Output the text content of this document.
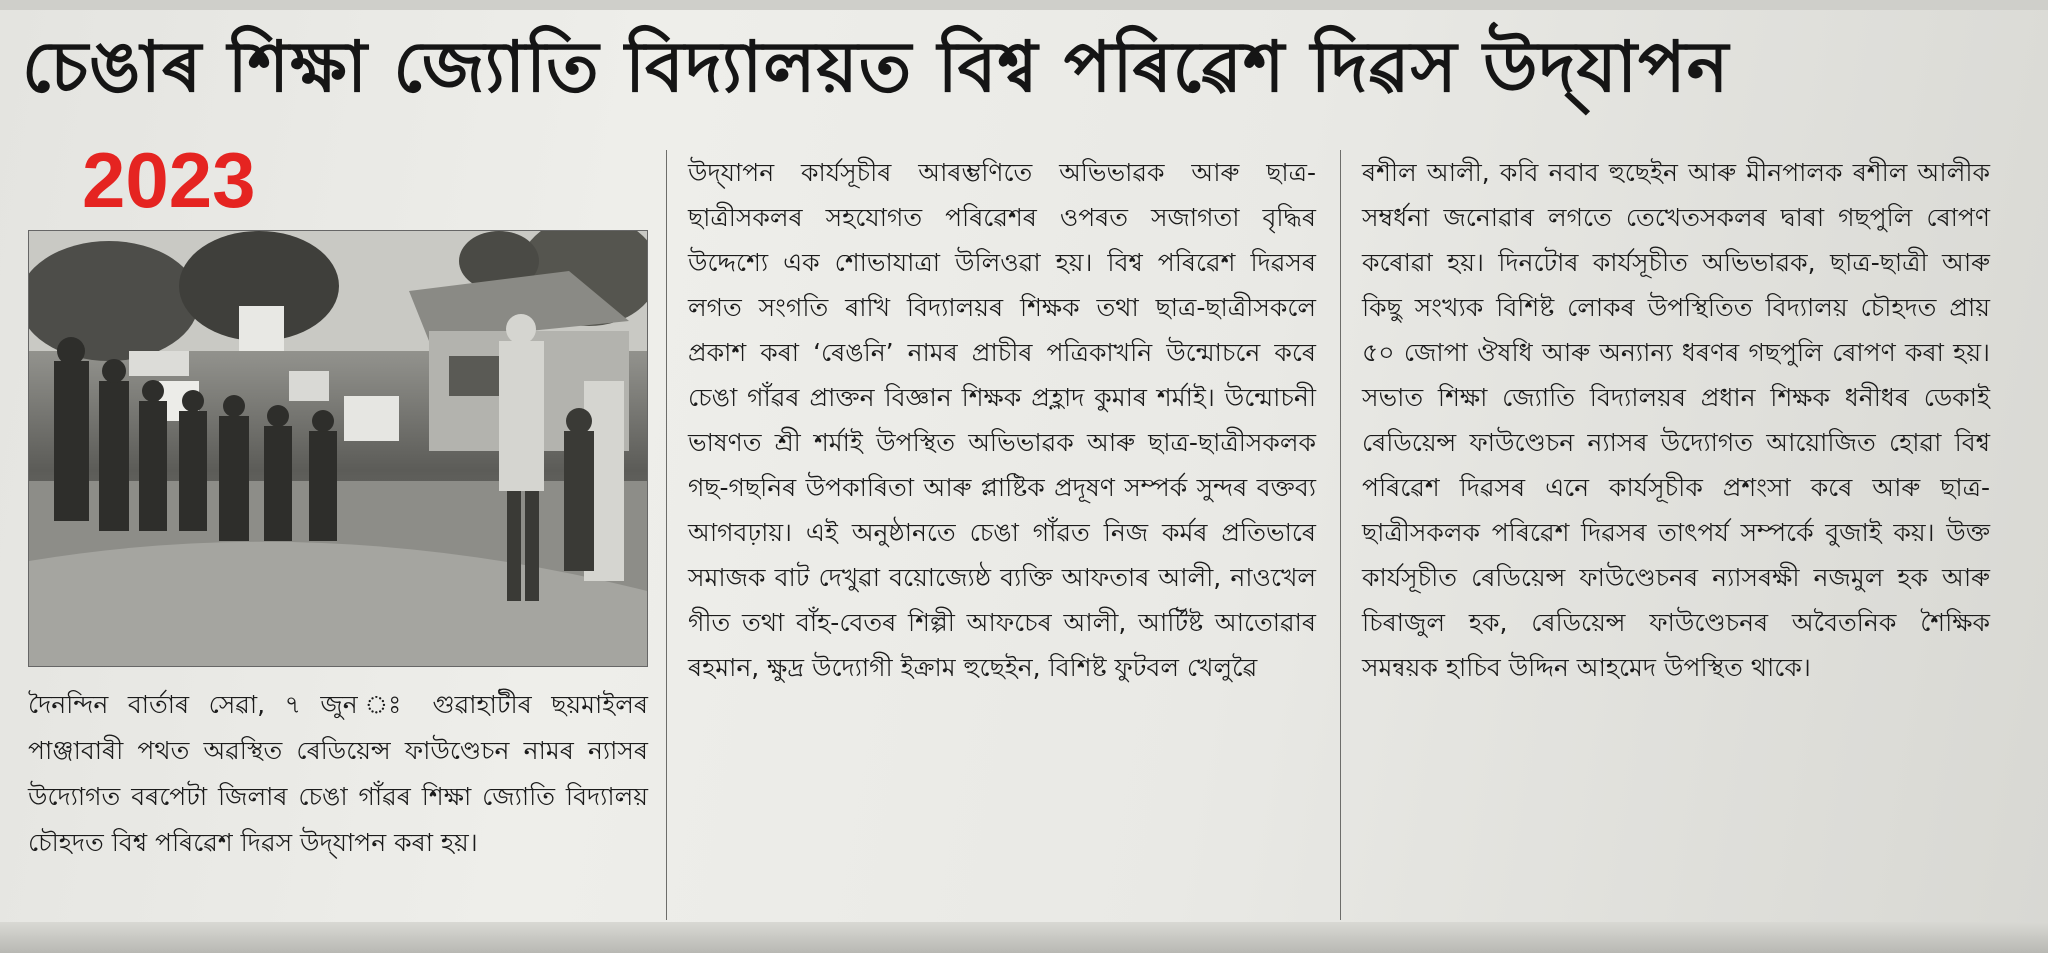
চেঙাৰ শিক্ষা জ্যোতি বিদ্যালয়ত বিশ্ব পৰিৱেশ দিৱস উদ্‌যাপন
2023
দৈনন্দিন বাৰ্তাৰ সেৱা, ৭ জুন ঃ গুৱাহাটীৰ ছয়মাইলৰ পাঞ্জাবাৰী পথত অৱস্থিত ৰেডিয়েন্স ফাউণ্ডেচন নামৰ ন্যাসৰ উদ্যোগত বৰপেটা জিলাৰ চেঙা গাঁৱৰ শিক্ষা জ্যোতি বিদ্যালয় চৌহদত বিশ্ব পৰিৱেশ দিৱস উদ্‌যাপন কৰা হয়।
উদ্‌যাপন কাৰ্যসূচীৰ আৰম্ভণিতে অভিভাৱক আৰু ছাত্ৰ-ছাত্ৰীসকলৰ সহযোগত পৰিৱেশৰ ওপৰত সজাগতা বৃদ্ধিৰ উদ্দেশ্যে এক শোভাযাত্ৰা উলিওৱা হয়। বিশ্ব পৰিৱেশ দিৱসৰ লগত সংগতি ৰাখি বিদ্যালয়ৰ শিক্ষক তথা ছাত্ৰ-ছাত্ৰীসকলে প্ৰকাশ কৰা ‘ৰেঙনি’ নামৰ প্ৰাচীৰ পত্ৰিকাখনি উন্মোচনে কৰে চেঙা গাঁৱৰ প্ৰাক্তন বিজ্ঞান শিক্ষক প্ৰহ্লাদ কুমাৰ শৰ্মাই। উন্মোচনী ভাষণত শ্ৰী শৰ্মাই উপস্থিত অভিভাৱক আৰু ছাত্ৰ-ছাত্ৰীসকলক গছ-গছনিৰ উপকাৰিতা আৰু প্লাষ্টিক প্ৰদূষণ সম্পৰ্ক সুন্দৰ বক্তব্য আগবঢ়ায়। এই অনুষ্ঠানতে চেঙা গাঁৱত নিজ কৰ্মৰ প্ৰতিভাৰে সমাজক বাট দেখুৱা বয়োজ্যেষ্ঠ ব্যক্তি আফতাৰ আলী, নাওখেল গীত তথা বাঁহ-বেতৰ শিল্পী আফচেৰ আলী, আৰ্টিষ্ট আতোৱাৰ ৰহমান, ক্ষুদ্ৰ উদ্যোগী ইক্ৰাম হুছেইন, বিশিষ্ট ফুটবল খেলুৱৈ
ৰশীল আলী, কবি নবাব হুছেইন আৰু মীনপালক ৰশীল আলীক সম্বৰ্ধনা জনোৱাৰ লগতে তেখেতসকলৰ দ্বাৰা গছপুলি ৰোপণ কৰোৱা হয়। দিনটোৰ কাৰ্যসূচীত অভিভাৱক, ছাত্ৰ-ছাত্ৰী আৰু কিছু সংখ্যক বিশিষ্ট লোকৰ উপস্থিতিত বিদ্যালয় চৌহদত প্ৰায় ৫০ জোপা ঔষধি আৰু অন্যান্য ধৰণৰ গছপুলি ৰোপণ কৰা হয়। সভাত শিক্ষা জ্যোতি বিদ্যালয়ৰ প্ৰধান শিক্ষক ধনীধৰ ডেকাই ৰেডিয়েন্স ফাউণ্ডেচন ন্যাসৰ উদ্যোগত আয়োজিত হোৱা বিশ্ব পৰিৱেশ দিৱসৰ এনে কাৰ্যসূচীক প্ৰশংসা কৰে আৰু ছাত্ৰ-ছাত্ৰীসকলক পৰিৱেশ দিৱসৰ তাৎপৰ্য সম্পৰ্কে বুজাই কয়। উক্ত কাৰ্যসূচীত ৰেডিয়েন্স ফাউণ্ডেচনৰ ন্যাসৰক্ষী নজমুল হক আৰু চিৰাজুল হক, ৰেডিয়েন্স ফাউণ্ডেচনৰ অবৈতনিক শৈক্ষিক সমন্বয়ক হাচিব উদ্দিন আহমেদ উপস্থিত থাকে।
